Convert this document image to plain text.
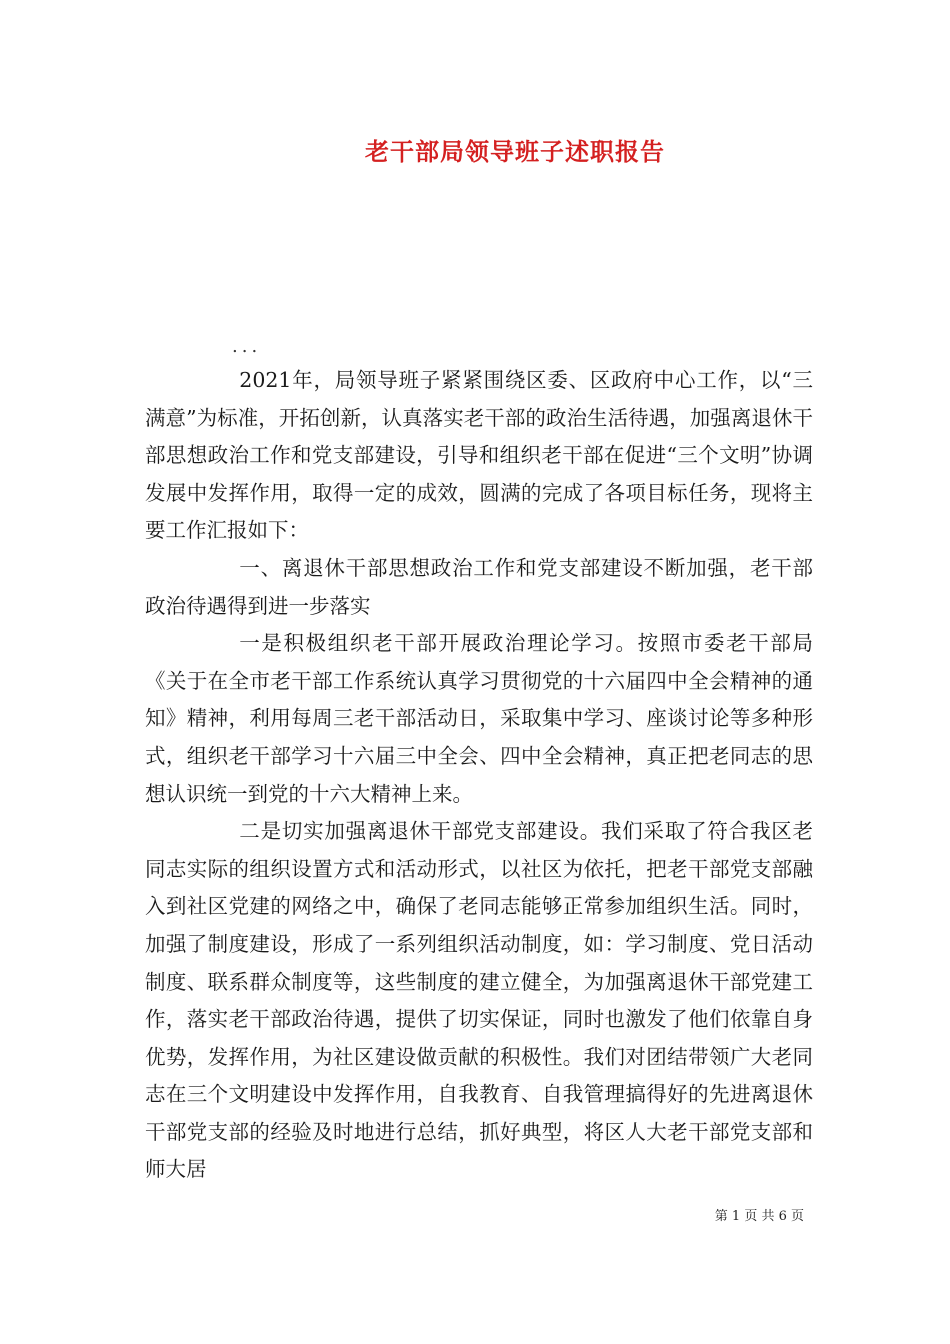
老干部局领导班子述职报告
...

2021年，局领导班子紧紧围绕区委、区政府中心工作，以“三满意”为标准，开拓创新，认真落实老干部的政治生活待遇，加强离退休干部思想政治工作和党支部建设，引导和组织老干部在促进“三个文明”协调发展中发挥作用，取得一定的成效，圆满的完成了各项目标任务，现将主要工作汇报如下：

一、离退休干部思想政治工作和党支部建设不断加强，老干部政治待遇得到进一步落实

一是积极组织老干部开展政治理论学习。按照市委老干部局《关于在全市老干部工作系统认真学习贯彻党的十六届四中全会精神的通知》精神，利用每周三老干部活动日，采取集中学习、座谈讨论等多种形式，组织老干部学习十六届三中全会、四中全会精神，真正把老同志的思想认识统一到党的十六大精神上来。

二是切实加强离退休干部党支部建设。我们采取了符合我区老同志实际的组织设置方式和活动形式，以社区为依托，把老干部党支部融入到社区党建的网络之中，确保了老同志能够正常参加组织生活。同时，加强了制度建设，形成了一系列组织活动制度，如：学习制度、党日活动制度、联系群众制度等，这些制度的建立健全，为加强离退休干部党建工作，落实老干部政治待遇，提供了切实保证，同时也激发了他们依靠自身优势，发挥作用，为社区建设做贡献的积极性。我们对团结带领广大老同志在三个文明建设中发挥作用，自我教育、自我管理搞得好的先进离退休干部党支部的经验及时地进行总结，抓好典型，将区人大老干部党支部和师大居

第 1 页 共 6 页
